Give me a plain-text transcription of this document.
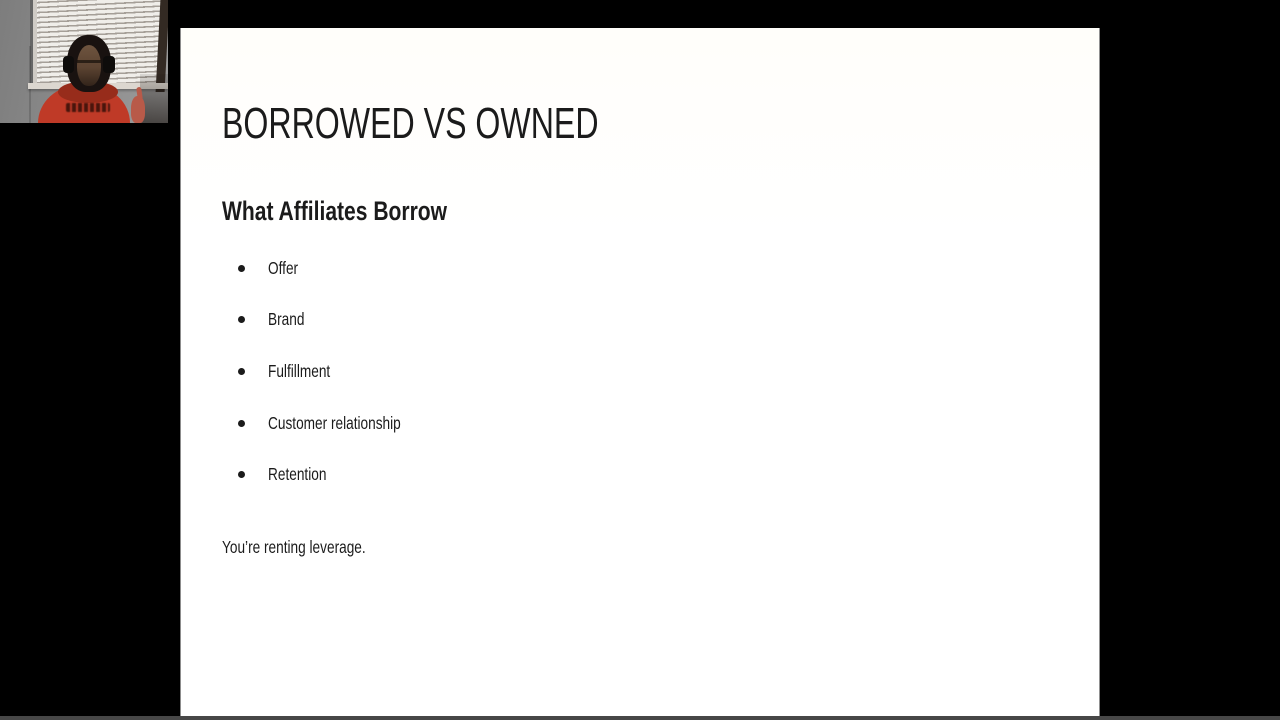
BORROWED VS OWNED
What Affiliates Borrow
Offer
Brand
Fulfillment
Customer relationship
Retention

You’re renting leverage.
